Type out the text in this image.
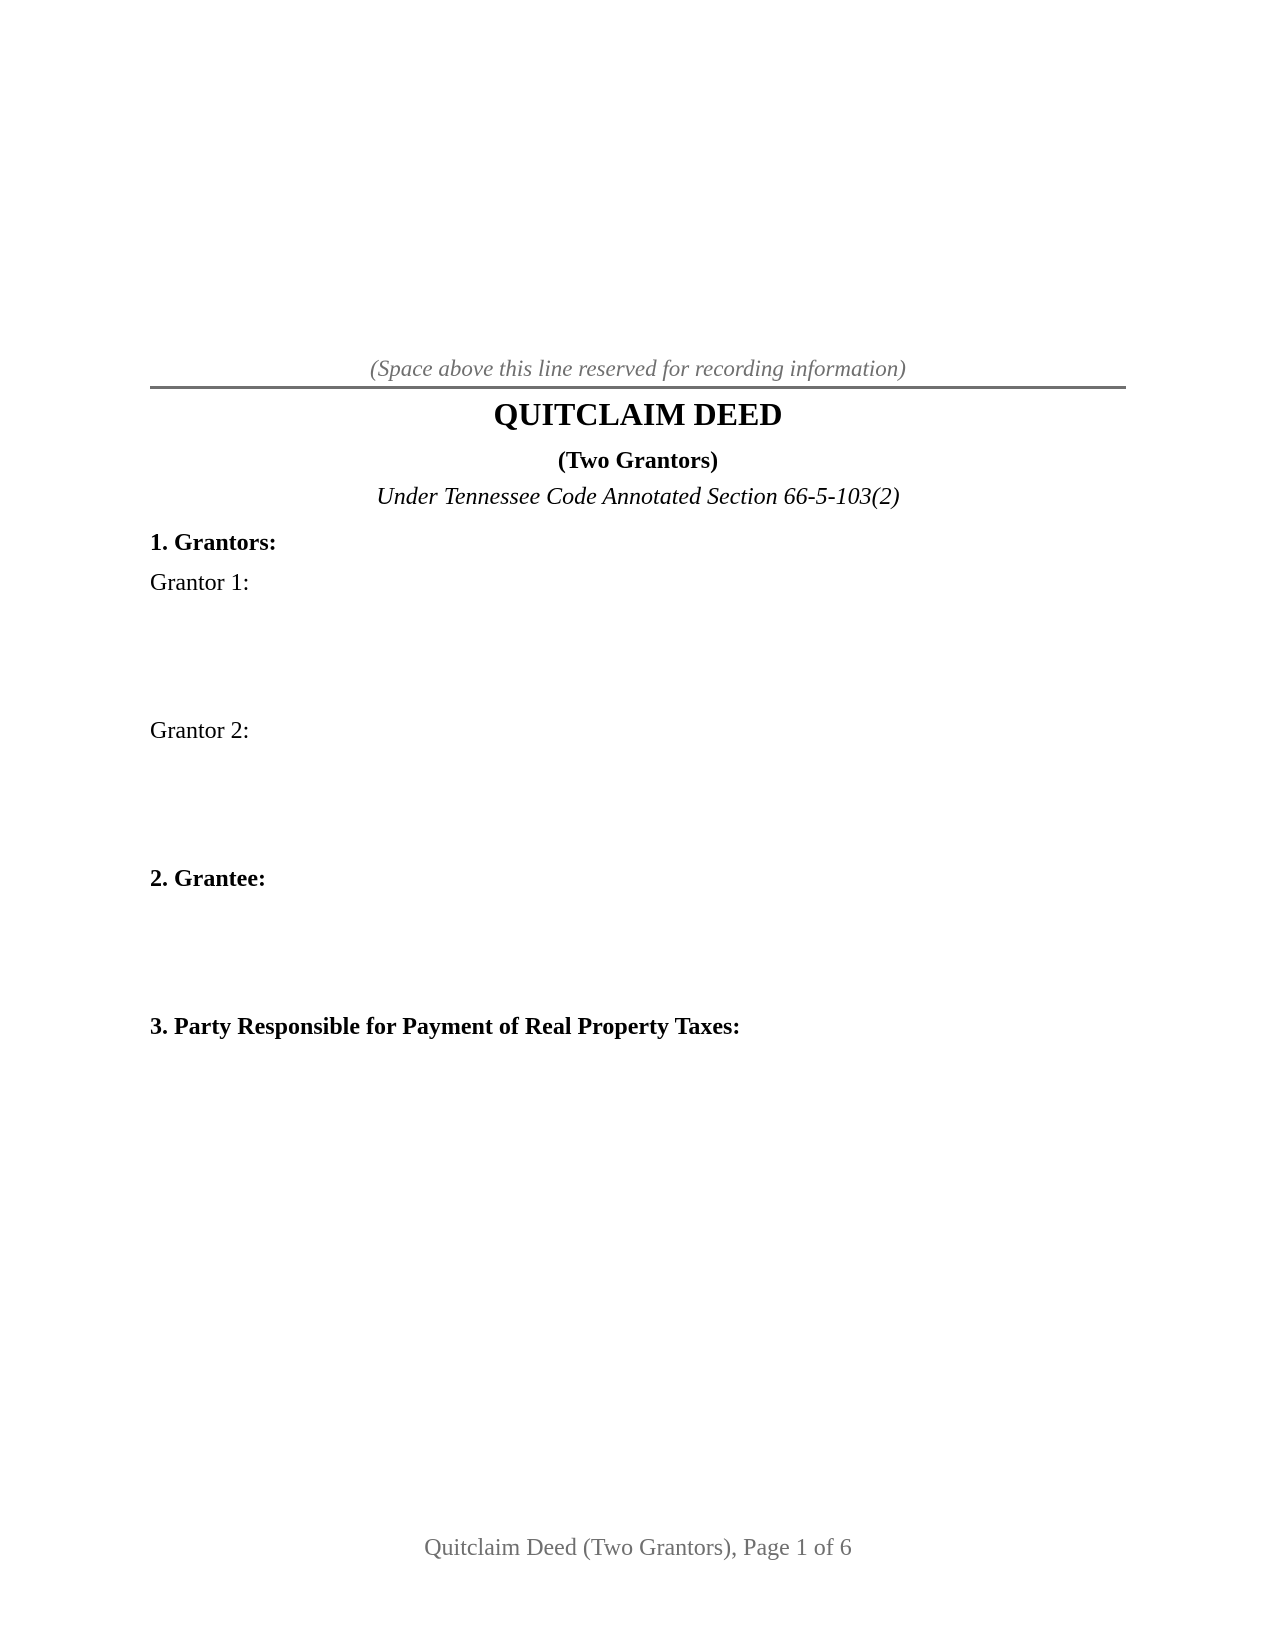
(Space above this line reserved for recording information)
QUITCLAIM DEED
(Two Grantors)
Under Tennessee Code Annotated Section 66-5-103(2)
1. Grantors:
Grantor 1:
Grantor 2:
2. Grantee:
3. Party Responsible for Payment of Real Property Taxes:
Quitclaim Deed (Two Grantors), Page 1 of 6
